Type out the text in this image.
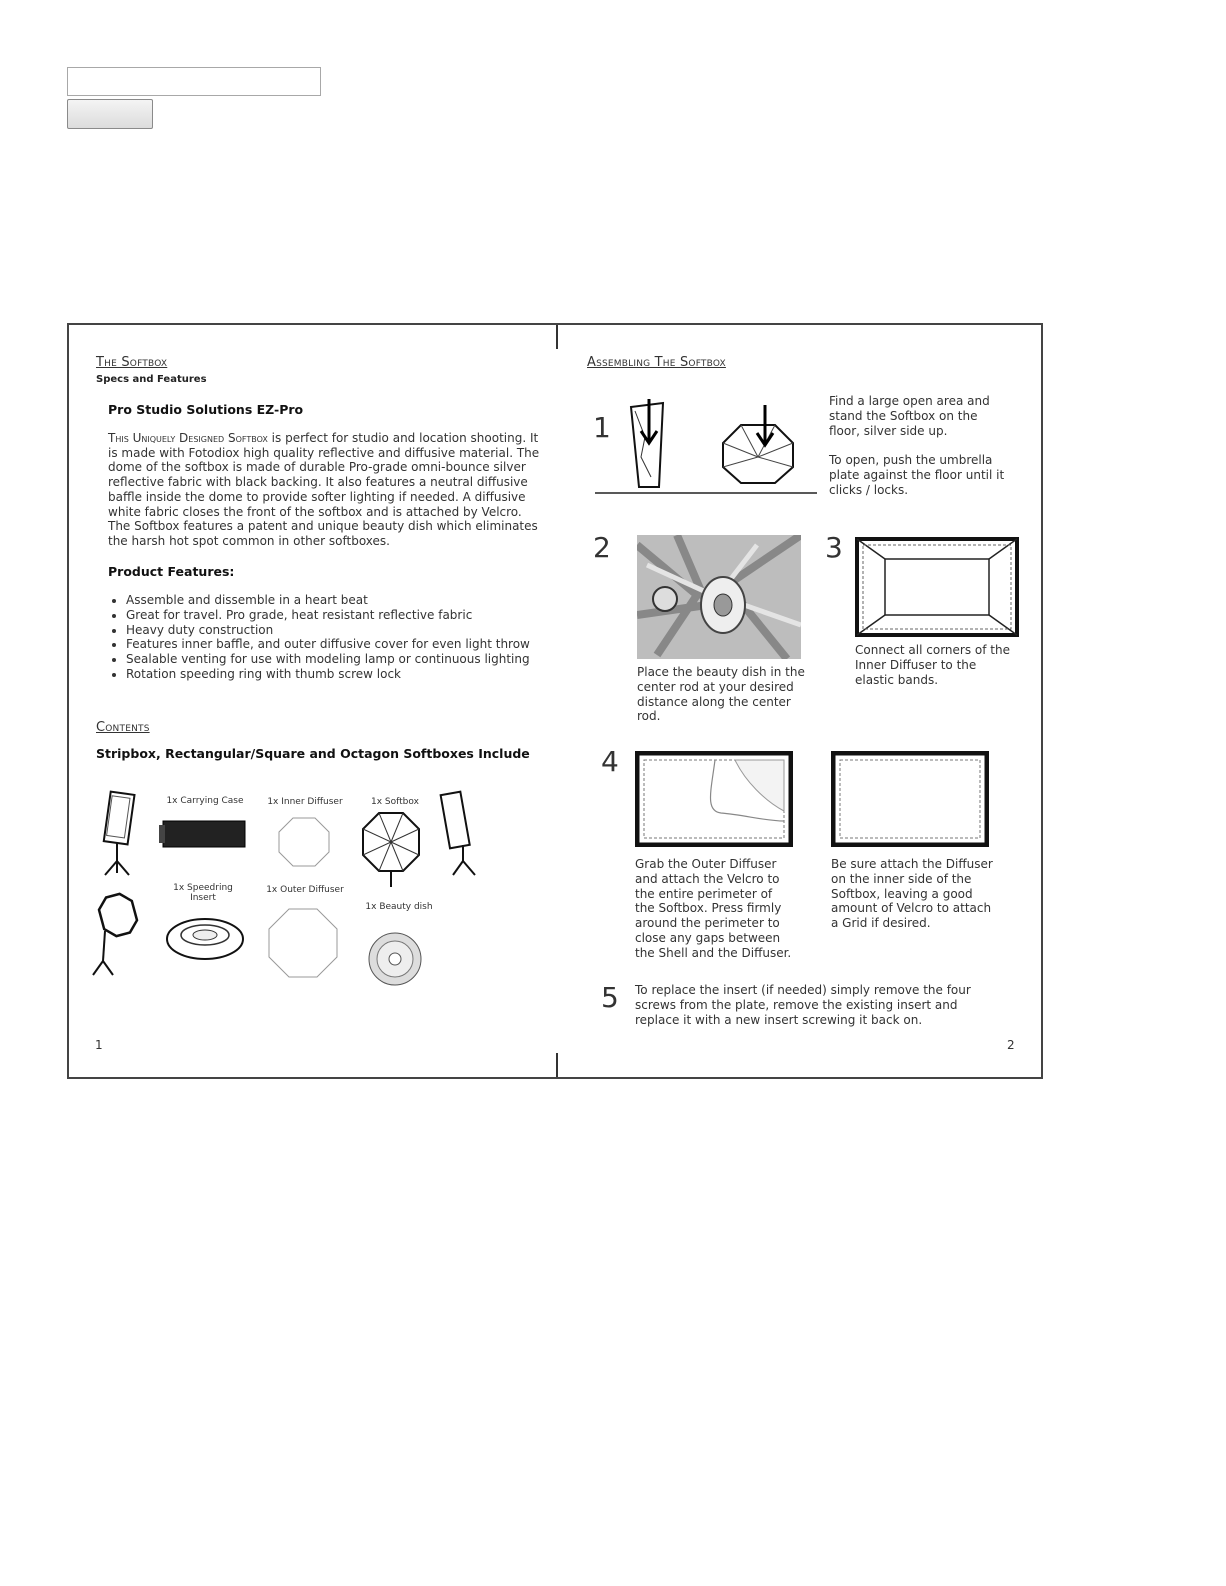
The Softbox
Specs and Features
Pro Studio Solutions EZ-Pro
This Uniquely Designed Softbox is perfect for studio and location shooting. It is made with Fotodiox high quality reflective and diffusive material. The dome of the softbox is made of durable Pro-grade omni-bounce silver reflective fabric with black backing. It also features a neutral diffusive baffle inside the dome to provide softer lighting if needed. A diffusive white fabric closes the front of the softbox and is attached by Velcro. The Softbox features a patent and unique beauty dish which eliminates the harsh hot spot common in other softboxes.
Product Features:
• Assemble and dissemble in a heart beat
• Great for travel. Pro grade, heat resistant reflective fabric
• Heavy duty construction
• Features inner baffle, and outer diffusive cover for even light throw
• Sealable venting for use with modeling lamp or continuous lighting
• Rotation speeding ring with thumb screw lock
Contents
Stripbox, Rectangular/Square and Octagon Softboxes Include
1x Carrying Case	1x Inner Diffuser	1x Softbox
1x Speedring Insert
1x Outer Diffuser
1x Beauty dish
1
Assembling The Softbox
1
Find a large open area and stand the Softbox on the floor, silver side up.
To open, push the umbrella plate against the floor until it clicks / locks.
2
Place the beauty dish in the center rod at your desired distance along the center rod.
3
Connect all corners of the Inner Diffuser to the elastic bands.
4
Grab the Outer Diffuser and attach the Velcro to the entire perimeter of the Softbox. Press firmly around the perimeter to close any gaps between the Shell and the Diffuser.
Be sure attach the Diffuser on the inner side of the Softbox, leaving a good amount of Velcro to attach a Grid if desired.
5 To replace the insert (if needed) simply remove the four screws from the plate, remove the existing insert and replace it with a new insert screwing it back on.
2
